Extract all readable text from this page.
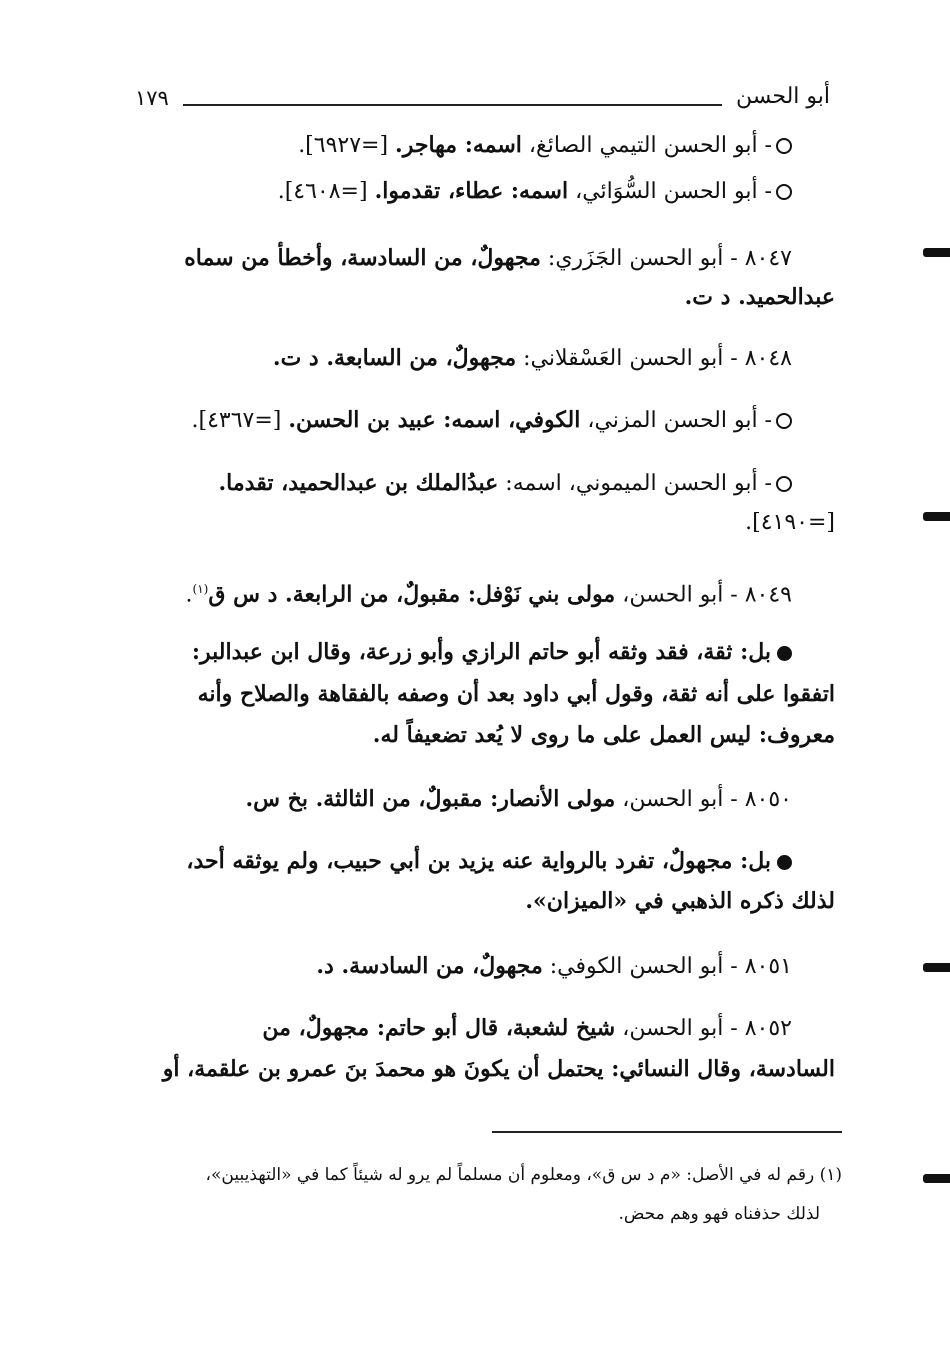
أبو الحسن
١٧٩
- أبو الحسن التيمي الصائغ، اسمه: مهاجر. [=٦٩٢٧].
- أبو الحسن السُّوَائي، اسمه: عطاء، تقدموا. [=٤٦٠٨].
٨٠٤٧ - أبو الحسن الجَزَري: مجهولٌ، من السادسة، وأخطأ من سماه
عبدالحميد. د ت.
٨٠٤٨ - أبو الحسن العَسْقلاني: مجهولٌ، من السابعة. د ت.
- أبو الحسن المزني، الكوفي، اسمه: عبيد بن الحسن. [=٤٣٦٧].
- أبو الحسن الميموني، اسمه: عبدُالملك بن عبدالحميد، تقدما.
[=٤١٩٠].
٨٠٤٩ - أبو الحسن، مولى بني نَوْفل: مقبولٌ، من الرابعة. د س ق$^{(١)}$.
بل: ثقة، فقد وثقه أبو حاتم الرازي وأبو زرعة، وقال ابن عبدالبر:
اتفقوا على أنه ثقة، وقول أبي داود بعد أن وصفه بالفقاهة والصلاح وأنه
معروف: ليس العمل على ما روى لا يُعد تضعيفاً له.
٨٠٥٠ - أبو الحسن، مولى الأنصار: مقبولٌ، من الثالثة. بخ س.
بل: مجهولٌ، تفرد بالرواية عنه يزيد بن أبي حبيب، ولم يوثقه أحد،
لذلك ذكره الذهبي في «الميزان».
٨٠٥١ - أبو الحسن الكوفي: مجهولٌ، من السادسة. د.
٨٠٥٢ - أبو الحسن، شيخ لشعبة، قال أبو حاتم: مجهولٌ، من
السادسة، وقال النسائي: يحتمل أن يكونَ هو محمدَ بنَ عمرو بن علقمة، أو
(١) رقم له في الأصل: «م د س ق»، ومعلوم أن مسلماً لم يرو له شيئاً كما في «التهذيبين»،
لذلك حذفناه فهو وهم محض.
